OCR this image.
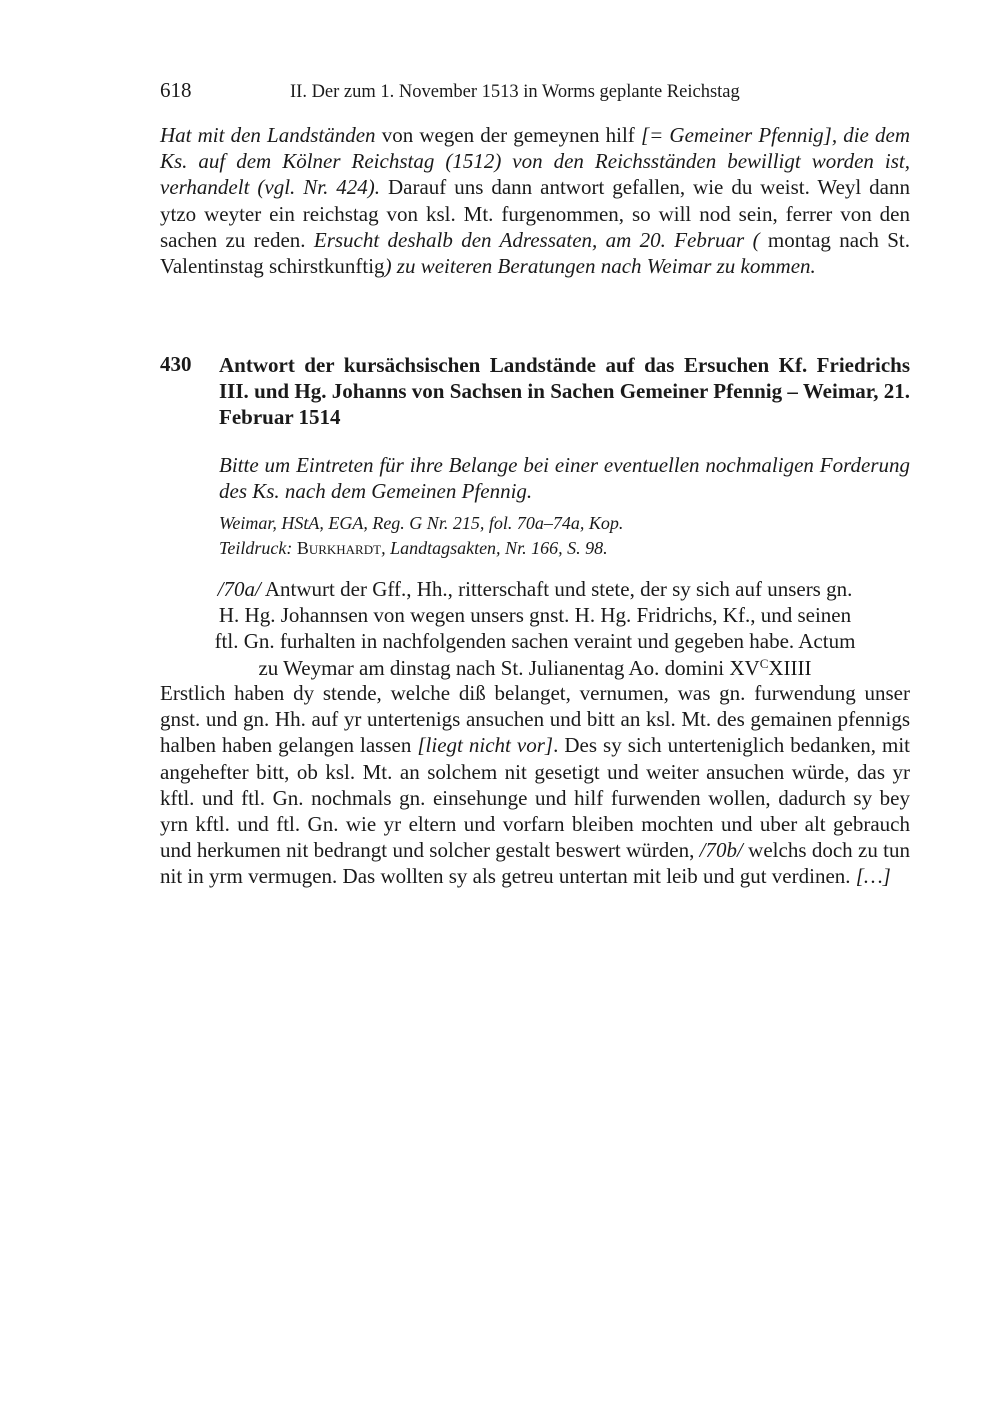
618	II. Der zum 1. November 1513 in Worms geplante Reichstag

Hat mit den Landständen von wegen der gemeynen hilf [= Gemeiner Pfennig], die dem Ks. auf dem Kölner Reichstag (1512) von den Reichsständen bewilligt worden ist, verhandelt (vgl. Nr. 424). Darauf uns dann antwort gefallen, wie du weist. Weyl dann ytzo weyter ein reichstag von ksl. Mt. furgenommen, so will nod sein, ferrer von den sachen zu reden. Ersucht deshalb den Adressaten, am 20. Februar ( montag nach St. Valentinstag schirstkunftig) zu weiteren Beratungen nach Weimar zu kommen.

430 Antwort der kursächsischen Landstände auf das Ersuchen Kf. Friedrichs III. und Hg. Johanns von Sachsen in Sachen Gemeiner Pfennig – Weimar, 21. Februar 1514

Bitte um Eintreten für ihre Belange bei einer eventuellen nochmaligen Forderung des Ks. nach dem Gemeinen Pfennig.

Weimar, HStA, EGA, Reg. G Nr. 215, fol. 70a–74a, Kop.

Teildruck: Burkhardt, Landtagsakten, Nr. 166, S. 98.

/70a/ Antwurt der Gff., Hh., ritterschaft und stete, der sy sich auf unsers gn.
H. Hg. Johannsen von wegen unsers gnst. H. Hg. Fridrichs, Kf., und seinen
ftl. Gn. furhalten in nachfolgenden sachen veraint und gegeben habe. Actum
zu Weymar am dinstag nach St. Julianentag Ao. domini $XV^CXIIII$

Erstlich haben dy stende, welche diß belanget, vernumen, was gn. furwendung unser gnst. und gn. Hh. auf yr untertenigs ansuchen und bitt an ksl. Mt. des gemainen pfennigs halben haben gelangen lassen [liegt nicht vor]. Des sy sich unterteniglich bedanken, mit angehefter bitt, ob ksl. Mt. an solchem nit gesetigt und weiter ansuchen würde, das yr kftl. und ftl. Gn. nochmals gn. einsehunge und hilf furwenden wollen, dadurch sy bey yrn kftl. und ftl. Gn. wie yr eltern und vorfarn bleiben mochten und uber alt gebrauch und herkumen nit bedrangt und solcher gestalt beswert würden, /70b/ welchs doch zu tun nit in yrm vermugen. Das wollten sy als getreu untertan mit leib und gut verdinen. […]
